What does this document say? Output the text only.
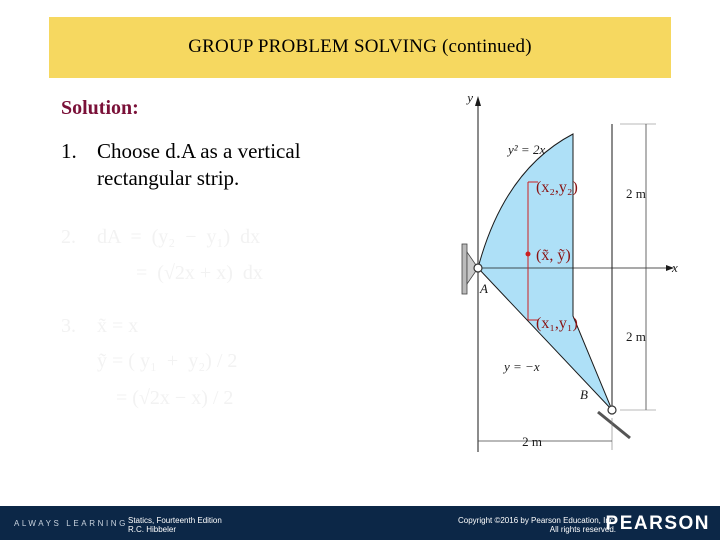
GROUP PROBLEM SOLVING (continued)
Solution:
1. Choose d.A as a vertical
rectangular strip.
2. dA  =  (y₂  −  y₁)  dx
=  (√2x + x)  dx
3. x̃ = x
ỹ = ( y₁  +  y₂) / 2
= (√2x − x) / 2
y
x
y² = 2x
y = −x
(x₂,y₂)
(x̃, ỹ)
(x₁,y₁)
2 m
2 m
2 m
A
B
ALWAYS LEARNING Statics, Fourteenth Edition
R.C. Hibbeler
Copyright ©2016 by Pearson Education, Inc.
All rights reserved.
PEARSON
